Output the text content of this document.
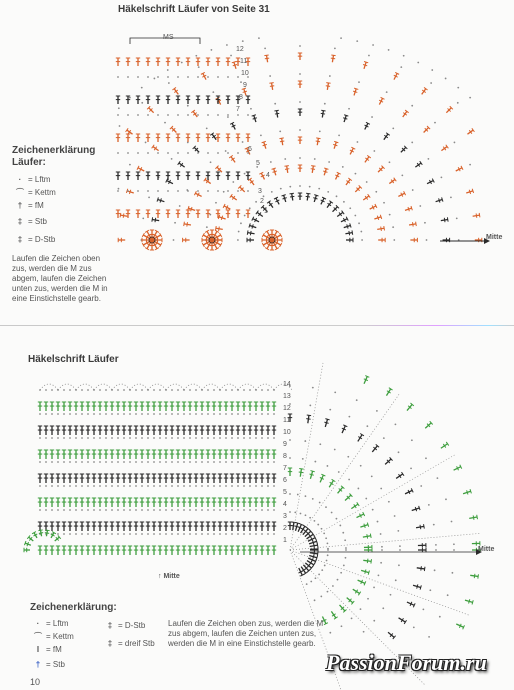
Häkelschrift Läufer von Seite 31
MS
Mitte
12
11
10
9
8
7
6
5
4
3
2
1
Zeichenerklärung
Läufer:
· = Lftm
⌒ = Kettm
† = fM
‡ = Stb
‡ = D-Stb
Laufen die Zeichen oben
zus, werden die M zus
abgem, laufen die Zeichen
unten zus, werden die M in
eine Einstichstelle gearb.
Häkelschrift Läufer
14
13
12
11
10
9
8
7
6
5
4
3
2
1
Mitte
↑ Mitte
Zeichenerklärung:
· = Lftm
⌒ = Kettm
I = fM
† = Stb
‡ = D-Stb
‡ = dreif Stb
Laufen die Zeichen oben zus, werden die M
zus abgem, laufen die Zeichen unten zus,
werden die M in eine Einstichstelle gearb.
10
PassionForum.ru
